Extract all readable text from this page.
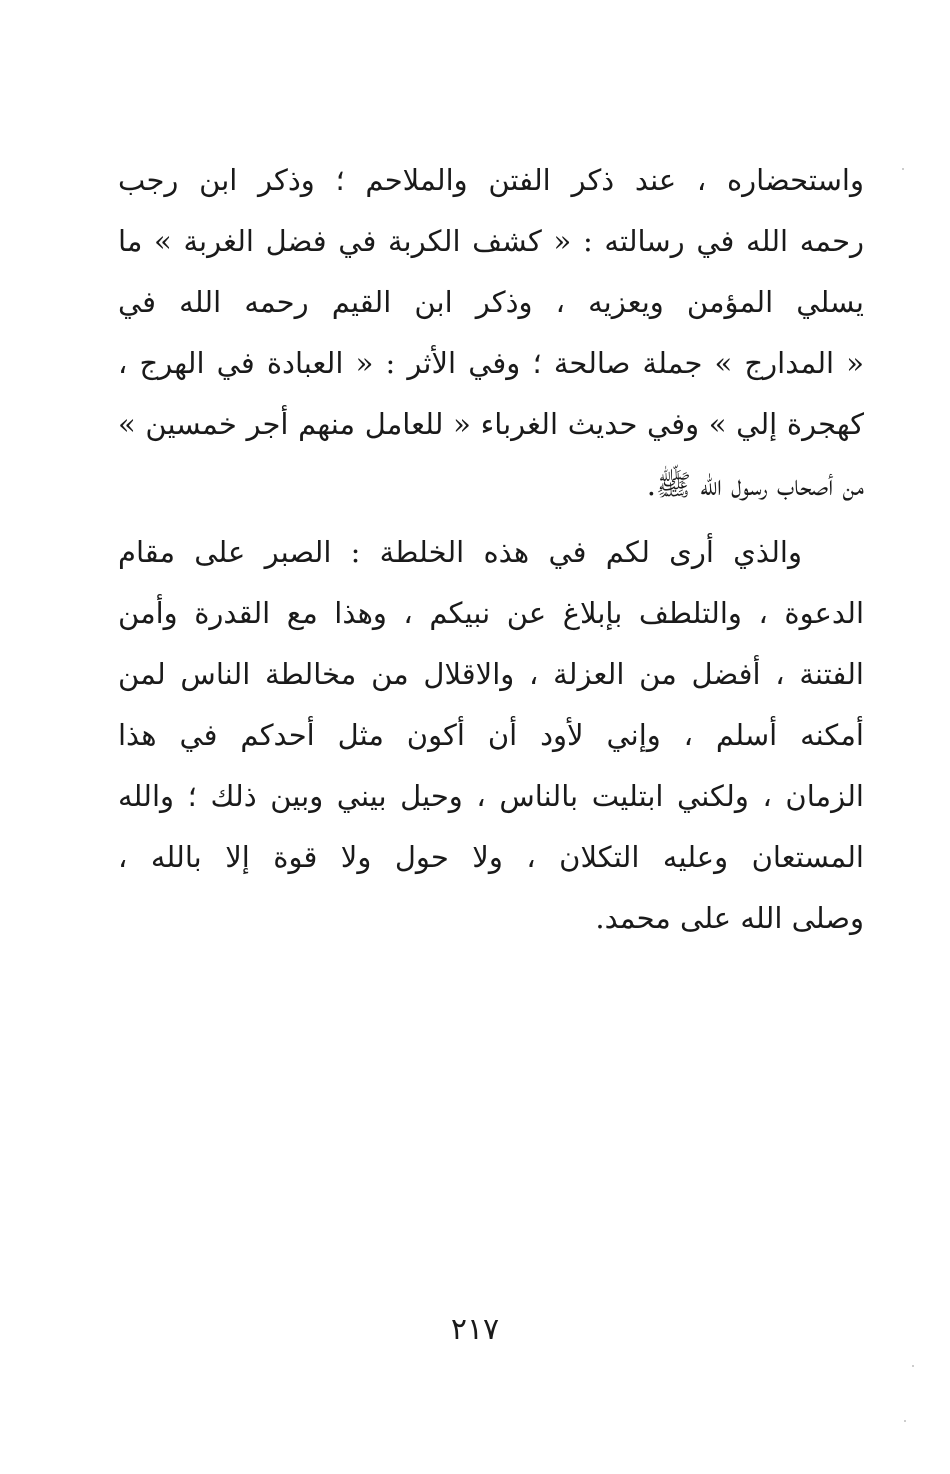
واستحضاره ، عند ذكر الفتن والملاحم ؛ وذكر ابن رجب
رحمه الله في رسالته : « كشف الكربة في فضل الغربة » ما
يسلي المؤمن ويعزيه ، وذكر ابن القيم رحمه الله في
« المدارج » جملة صالحة ؛ وفي الأثر : « العبادة في الهرج ،
كهجرة إلي » وفي حديث الغرباء « للعامل منهم أجر خمسين »
من أصحاب رسول الله ﷺ.
والذي أرى لكم في هذه الخلطة : الصبر على مقام
الدعوة ، والتلطف بإبلاغ عن نبيكم ، وهذا مع القدرة وأمن
الفتنة ، أفضل من العزلة ، والاقلال من مخالطة الناس لمن
أمكنه أسلم ، وإني لأود أن أكون مثل أحدكم في هذا
الزمان ، ولكني ابتليت بالناس ، وحيل بيني وبين ذلك ؛ والله
المستعان وعليه التكلان ، ولا حول ولا قوة إلا بالله ،
وصلى الله على محمد.
٢١٧
